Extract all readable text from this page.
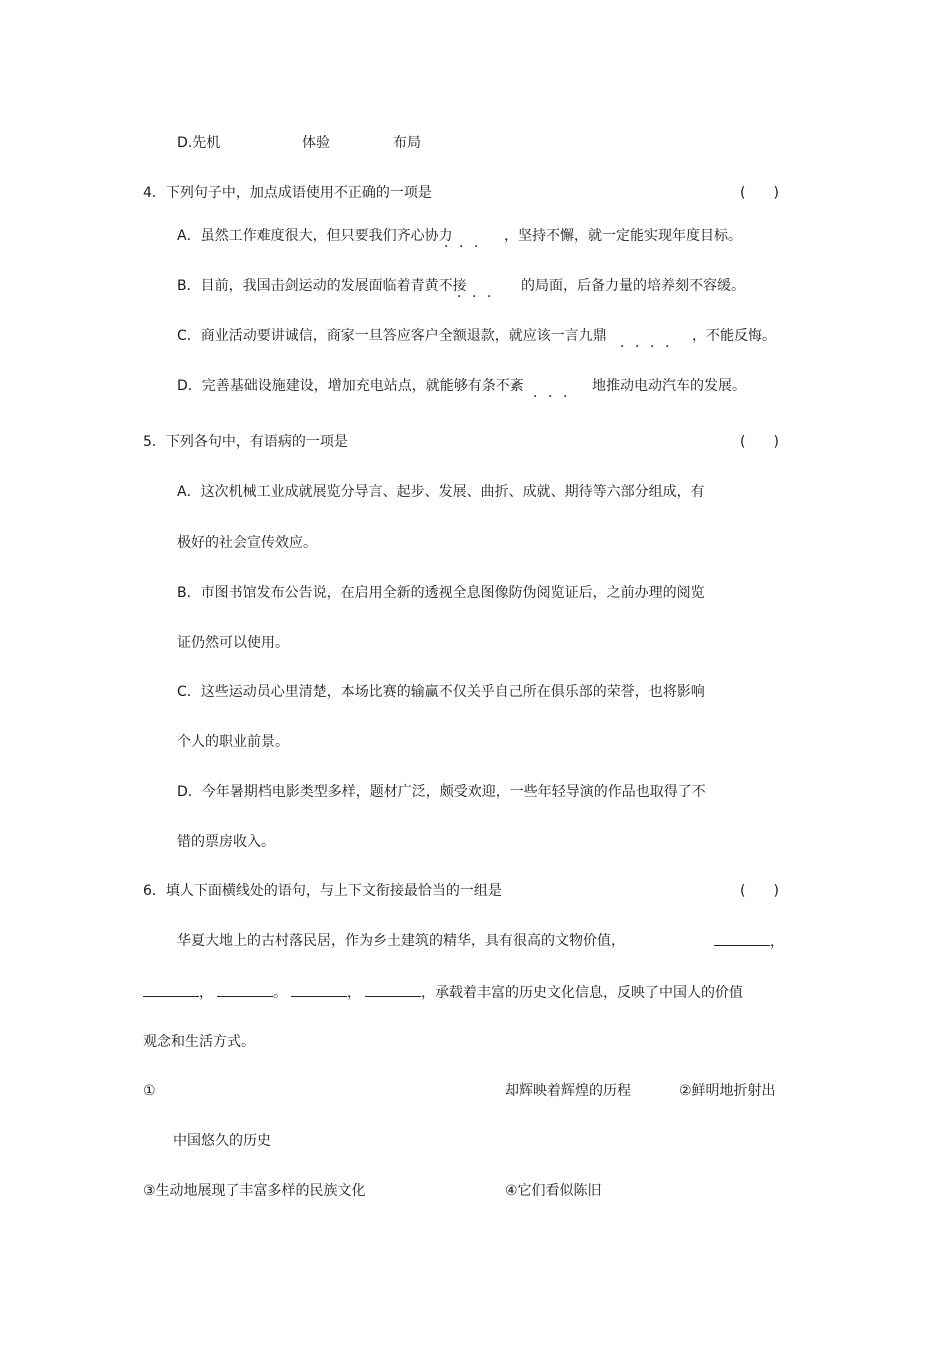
D.先机	体验	布局
4．下列句子中，加点成语使用不正确的一项是	(　　)
A．虽然工作难度很大，但只要我们齐心协力
．．． ，坚持不懈，就一定能实现年度目标。
B．目前，我国击剑运动的发展面临着青黄不接
．．． 的局面，后备力量的培养刻不容缓。
C．商业活动要讲诚信，商家一旦答应客户全额退款，就应该一言九鼎 ．．．． ，不能反悔。
D．完善基础设施建设，增加充电站点，就能够有条不紊 ．．． 地推动电动汽车的发展。
5．下列各句中，有语病的一项是	(　　)
A．这次机械工业成就展览分导言、起步、发展、曲折、成就、期待等六部分组成，有
极好的社会宣传效应。
B．市图书馆发布公告说，在启用全新的透视全息图像防伪阅览证后，之前办理的阅览
证仍然可以使用。
C．这些运动员心里清楚，本场比赛的输赢不仅关乎自己所在俱乐部的荣誉，也将影响
个人的职业前景。
D．今年暑期档电影类型多样，题材广泛，颇受欢迎，一些年轻导演的作品也取得了不
错的票房收入。
6．填人下面横线处的语句，与上下文衔接最恰当的一组是	(　　)
华夏大地上的古村落民居，作为乡土建筑的精华，具有很高的文物价值，	，
，	。	，	，承载着丰富的历史文化信息，反映了中国人的价值
观念和生活方式。
①	却辉映着辉煌的历程	②鲜明地折射出
中国悠久的历史
③生动地展现了丰富多样的民族文化	④它们看似陈旧
